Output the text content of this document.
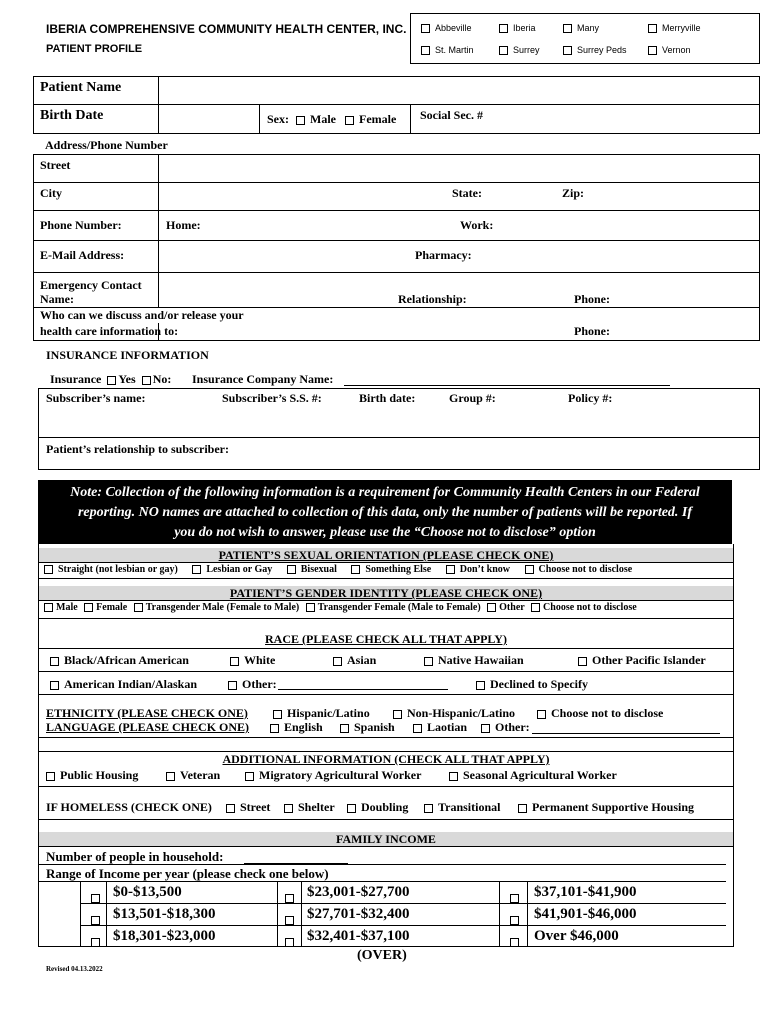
IBERIA COMPREHENSIVE COMMUNITY HEALTH CENTER, INC.
PATIENT PROFILE
Abbeville	Iberia	Many	Merryville
St. Martin	Surrey	Surrey Peds	Vernon
Patient Name
Birth Date	Sex: Male Female Social Sec. #
Address/Phone Number
Street
City	State:	Zip:
Phone Number:	Home:	Work:
E-Mail Address:	Pharmacy:
Emergency Contact
Name:	Relationship:	Phone:
Who can we discuss and/or release your
health care information to:	Phone:
INSURANCE INFORMATION
Insurance Yes No: Insurance Company Name:
Subscriber’s name:	Subscriber’s S.S. #:	Birth date:	Group #:	Policy #:
Patient’s relationship to subscriber:
Note: Collection of the following information is a requirement for Community Health Centers in our Federal
reporting. NO names are attached to collection of this data, only the number of patients will be reported. If
you do not wish to answer, please use the “Choose not to disclose” option
PATIENT’S SEXUAL ORIENTATION (PLEASE CHECK ONE)
Straight (not lesbian or gay)	Lesbian or Gay	Bisexual	Something Else	Don’t know	Choose not to disclose
PATIENT’S GENDER IDENTITY (PLEASE CHECK ONE)
Male Female Transgender Male (Female to Male) Transgender Female (Male to Female) Other Choose not to disclose
RACE (PLEASE CHECK ALL THAT APPLY)
Black/African American	White	Asian	Native Hawaiian	Other Pacific Islander
American Indian/Alaskan	Other:	Declined to Specify
ETHNICITY (PLEASE CHECK ONE)	Hispanic/Latino	Non-Hispanic/Latino	Choose not to disclose
LANGUAGE (PLEASE CHECK ONE)	English	Spanish	Laotian	Other:
ADDITIONAL INFORMATION (CHECK ALL THAT APPLY)
Public Housing	Veteran	Migratory Agricultural Worker	Seasonal Agricultural Worker
IF HOMELESS (CHECK ONE)	Street	Shelter	Doubling	Transitional	Permanent Supportive Housing
FAMILY INCOME
Number of people in household:
Range of Income per year (please check one below)
$0-$13,500	$23,001-$27,700	$37,101-$41,900
$13,501-$18,300	$27,701-$32,400	$41,901-$46,000
$18,301-$23,000	$32,401-$37,100	Over $46,000
(OVER)
Revised 04.13.2022
